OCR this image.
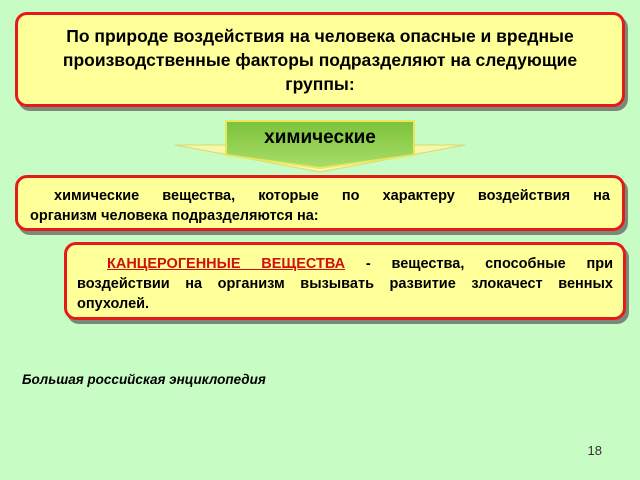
По природе воздействия на человека опасные и вредные производственные факторы подразделяют на следующие группы:
химические
химические вещества, которые по характеру воздействия на
организм человека подразделяются на:
КАНЦЕРОГЕННЫЕ ВЕЩЕСТВА - вещества, способные при воздействии на организм вызывать развитие злокачест венных опухолей.
Большая российская энциклопедия
18
